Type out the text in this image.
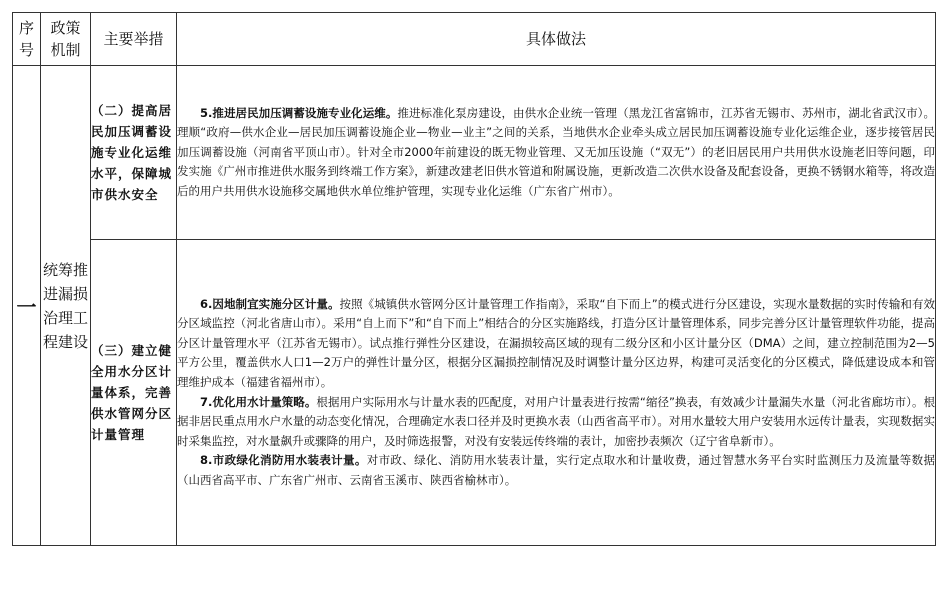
序号	政策机制	主要举措	具体做法
一	统筹推进漏损治理工程建设	（二）提高居民加压调蓄设施专业化运维水平，保障城市供水安全	5.推进居民加压调蓄设施专业化运维。推进标准化泵房建设，由供水企业统一管理（黑龙江省富锦市，江苏省无锡市、苏州市，湖北省武汉市）。理顺“政府—供水企业—居民加压调蓄设施企业—物业—业主”之间的关系，当地供水企业牵头成立居民加压调蓄设施专业化运维企业，逐步接管居民加压调蓄设施（河南省平顶山市）。针对全市2000年前建设的既无物业管理、又无加压设施（“双无”）的老旧居民用户共用供水设施老旧等问题，印发实施《广州市推进供水服务到终端工作方案》，新建改建老旧供水管道和附属设施，更新改造二次供水设备及配套设备，更换不锈钢水箱等，将改造后的用户共用供水设施移交属地供水单位维护管理，实现专业化运维（广东省广州市）。

		（三）建立健全用水分区计量体系，完善供水管网分区计量管理	6.因地制宜实施分区计量。按照《城镇供水管网分区计量管理工作指南》，采取“自下而上”的模式进行分区建设，实现水量数据的实时传输和有效分区域监控（河北省唐山市）。采用“自上而下”和“自下而上”相结合的分区实施路线，打造分区计量管理体系，同步完善分区计量管理软件功能，提高分区计量管理水平（江苏省无锡市）。试点推行弹性分区建设，在漏损较高区域的现有二级分区和小区计量分区（DMA）之间，建立控制范围为2—5平方公里，覆盖供水人口1—2万户的弹性计量分区，根据分区漏损控制情况及时调整计量分区边界，构建可灵活变化的分区模式，降低建设成本和管理维护成本（福建省福州市）。

7.优化用水计量策略。根据用户实际用水与计量水表的匹配度，对用户计量表进行按需“缩径”换表，有效减少计量漏失水量（河北省廊坊市）。根据非居民重点用水户水量的动态变化情况，合理确定水表口径并及时更换水表（山西省高平市）。对用水量较大用户安装用水远传计量表，实现数据实时采集监控，对水量飙升或骤降的用户，及时筛选报警，对没有安装远传终端的表计，加密抄表频次（辽宁省阜新市）。

8.市政绿化消防用水装表计量。对市政、绿化、消防用水装表计量，实行定点取水和计量收费，通过智慧水务平台实时监测压力及流量等数据（山西省高平市、广东省广州市、云南省玉溪市、陕西省榆林市）。
